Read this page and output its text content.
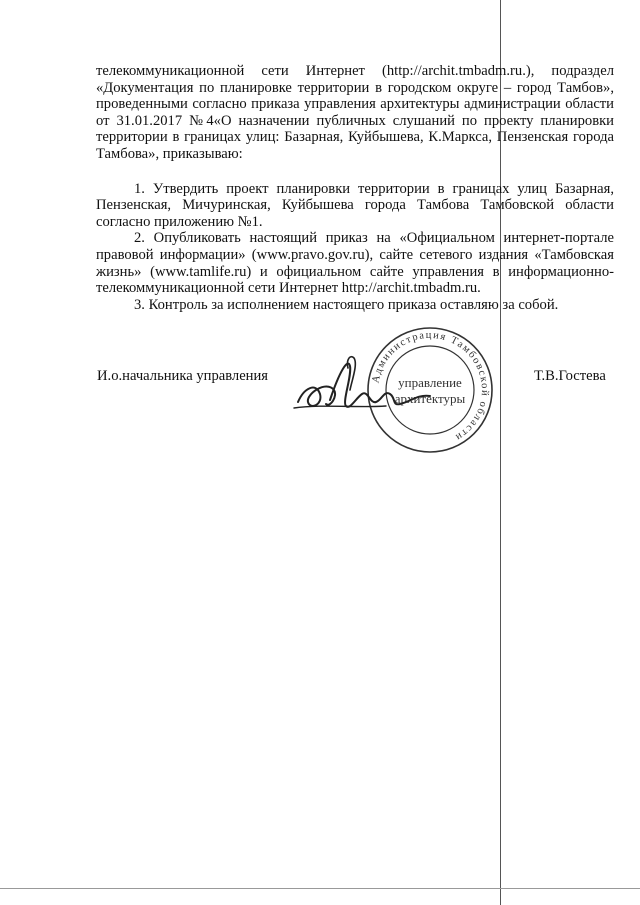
телекоммуникационной сети Интернет (http://archit.tmbadm.ru.), подраздел «Документация по планировке территории в городском округе – город Тамбов», проведенными согласно приказа управления архитектуры администрации области от 31.01.2017 №4«О назначении публичных слушаний по проекту планировки территории в границах улиц: Базарная, Куйбышева, К.Маркса, Пензенская города Тамбова», приказываю:

1. Утвердить проект планировки территории в границах улиц Базарная, Пензенская, Мичуринская, Куйбышева города Тамбова Тамбовской области согласно приложению №1.

2. Опубликовать настоящий приказ на «Официальном интернет-портале правовой информации» (www.pravo.gov.ru), сайте сетевого издания «Тамбовская жизнь» (www.tamlife.ru) и официальном сайте управления в информационно-телекоммуникационной сети Интернет http://archit.tmbadm.ru.

3. Контроль за исполнением настоящего приказа оставляю за собой.

Администрация Тамбовской области
управление
архитектуры
И.о.начальника управления	Т.В.Гостева
